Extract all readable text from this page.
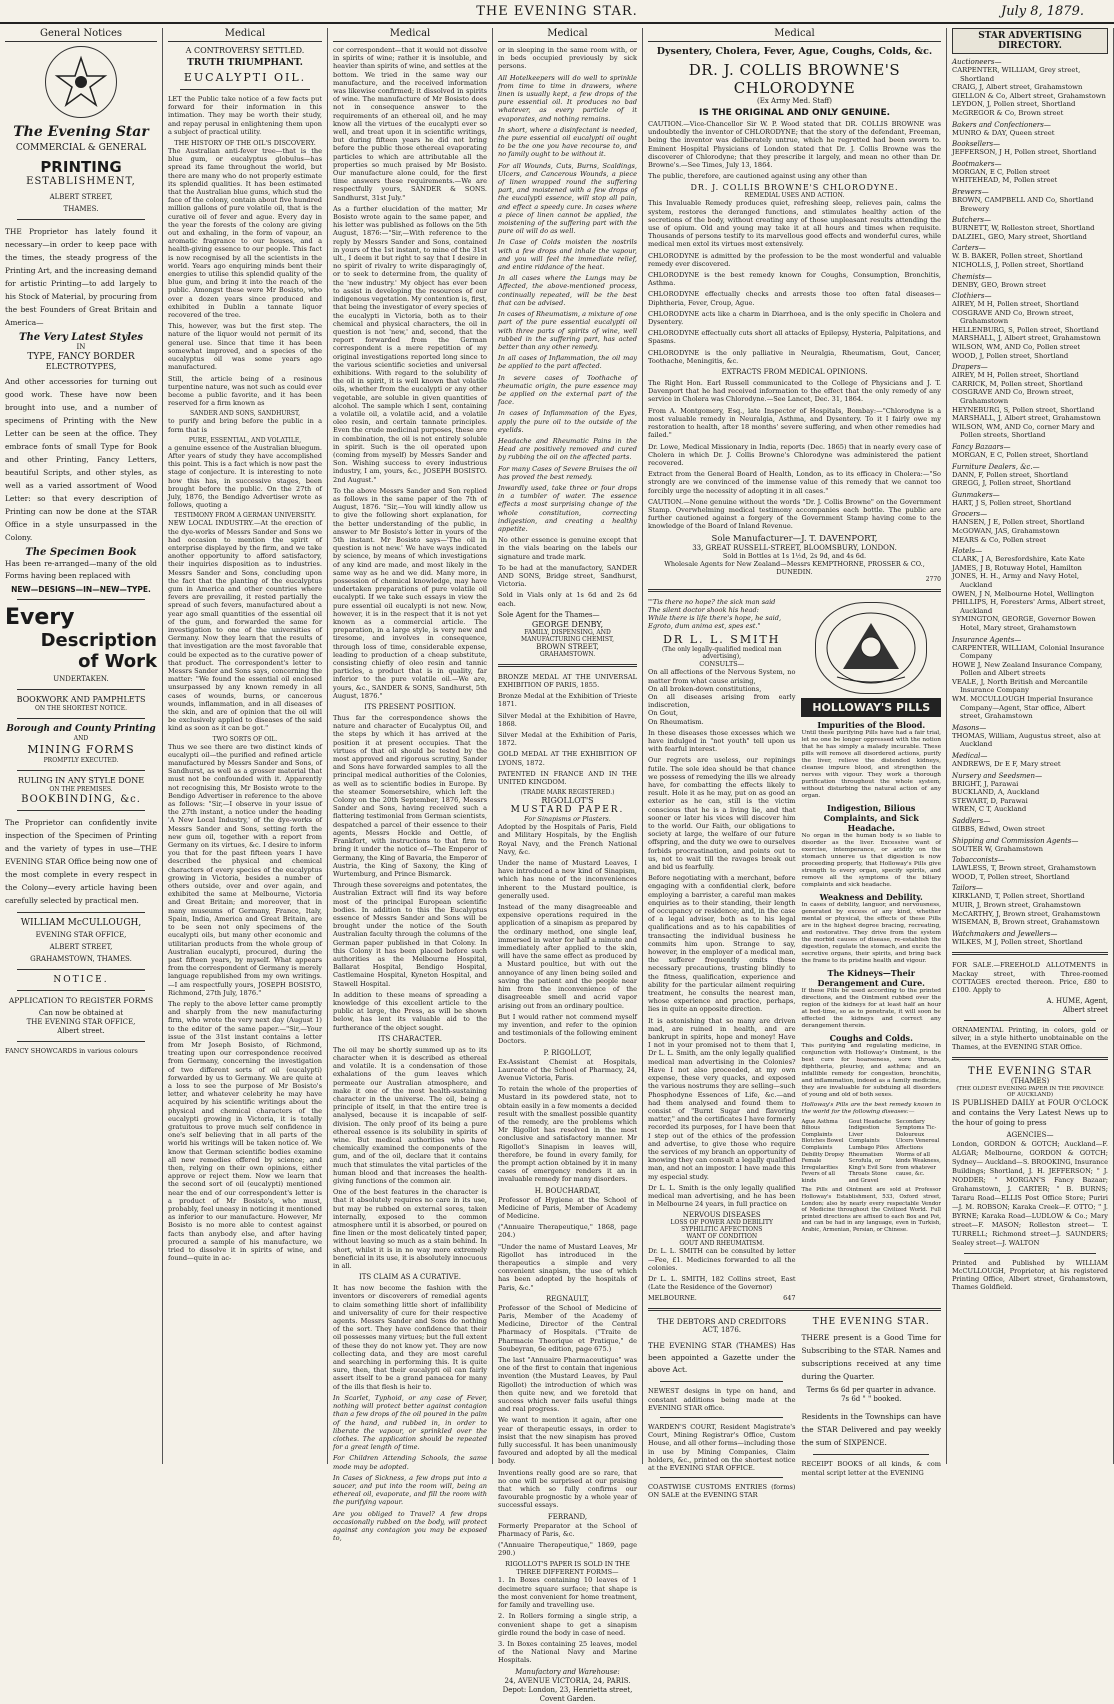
THE EVENING STAR.	July 8, 1879.
General Notices
The Evening Star
COMMERCIAL & GENERAL
PRINTING
ESTABLISHMENT,
ALBERT STREET,
THAMES.

THE Proprietor has lately found it necessary—in order to keep pace with the times, the steady progress of the Printing Art, and the increasing demand for artistic Printing—to add largely to his Stock of Material, by procuring from the best Founders of Great Britain and America—

The Very Latest Styles
IN
TYPE, FANCY BORDER
ELECTROTYPES,

And other accessories for turning out good work. These have now been brought into use, and a number of specimens of Printing with the New Letter can be seen at the office. They embrace fonts of small Type for Book and other Printing, Fancy Letters, beautiful Scripts, and other styles, as well as a varied assortment of Wood Letter: so that every description of Printing can now be done at the STAR Office in a style unsurpassed in the Colony.

The Specimen Book

Has been re-arranged—many of the old Forms having been replaced with

NEW—DESIGNS—IN—NEW—TYPE.
Every
Description
of Work
UNDERTAKEN.
BOOKWORK AND PAMPHLETS
ON THE SHORTEST NOTICE.
Borough and County Printing
AND
MINING FORMS
PROMPTLY EXECUTED.
RULING IN ANY STYLE DONE
ON THE PREMISES.
BOOKBINDING, &c.

The Proprietor can confidently invite inspection of the Specimen of Printing and the variety of types in use—THE EVENING STAR Office being now one of the most complete in every respect in the Colony—every article having been carefully selected by practical men.

WILLIAM McCULLOUGH,
EVENING STAR OFFICE,
ALBERT STREET,
GRAHAMSTOWN, THAMES.
NOTICE.
APPLICATION TO REGISTER FORMS
Can now be obtained at
THE EVENING STAR OFFICE,
Albert street.
FANCY SHOWCARDS in various colours
Medical
A CONTROVERSY SETTLED.
TRUTH TRIUMPHANT.
EUCALYPTI OIL.

LET the Public take notice of a few facts put forward for their information in this intimation. They may be worth their study, and repay perusal in enlightening them upon a subject of practical utility.

THE HISTORY OF THE OIL'S DISCOVERY.

The Australian anti-fever tree—that is the blue gum, or eucalyptus globulus—has spread its fame throughout the world, but there are many who do not properly estimate its splendid qualities. It has been estimated that the Australian blue gums, which stud the face of the colony, contain about five hundred million gallons of pure volatile oil, that is the curative oil of fever and ague. Every day in the year the forests of the colony are giving out and exhaling, in the form of vapour, an aromatic fragrance to our houses, and a health-giving essence to our people. This fact is now recognised by all the scientists in the world. Years ago enquiring minds bent their energies to utilise this splendid quality of the blue gum, and bring it into the reach of the public. Amongst these were Mr Bosisto, who over a dozen years since produced and exhibited in Dublin a tannate liquor recovered of the tree.

This, however, was but the first step. The nature of the liquor would not permit of its general use. Since that time it has been somewhat improved, and a species of the eucalyptus oil was some years ago manufactured.

Still, the article being of a resinous turpentine nature, was not such as could ever become a public favorite, and it has been reserved for a firm known as

SANDER AND SONS, SANDHURST,

to purify and bring before the public in a form that is

PURE, ESSENTIAL, AND VOLATILE,

a genuine essence of the Australian bluegum. After years of study they have accomplished this point. This is a fact which is now past the stage of conjecture. It is interesting to note how this has, in successive stages, been brought before the public. On the 27th of July, 1876, the Bendigo Advertiser wrote as follows, quoting a

TESTIMONY FROM A GERMAN UNIVERSITY.

NEW LOCAL INDUSTRY.—At the erection of the dye-works of Messrs Sander and Sons we had occasion to mention the spirit of enterprise displayed by the firm, and we take another opportunity to afford satisfactory, their inquiries disposition as to industries. Messrs Sander and Sons, concluding upon the fact that the planting of the eucalyptus gum in America and other countries where fevers are prevailing, it rested partially the spread of such fevers, manufactured about a year ago small quantities of the essential oil of the gum, and forwarded the same for investigation to one of the universities of Germany. Now they learn that the results of that investigation are the most favorable that could be expected as to the curative power of that product. The correspondent's letter to Messrs Sander and Sons says, concerning the matter: "We found the essential oil enclosed unsurpassed by any known remedy in all cases of wounds, burns, or cancerous wounds, inflammation, and in all diseases of the skin, and are of opinion that the oil will be exclusively applied to diseases of the said kind as soon as it can be got."

TWO SORTS OF OIL.

Thus we see there are two distinct kinds of eucalypti oil—the purified and refined article manufactured by Messrs Sander and Sons, of Sandhurst, as well as a grosser material that must not be confounded with it. Apparently not recognising this, Mr Bosisto wrote to the Bendigo Advertiser in reference to the above as follows: "Sir,—I observe in your issue of the 27th instant, a notice under the heading 'A New Local Industry,' of the dye-works of Messrs Sander and Sons, setting forth the new gum oil, together with a report from Germany on its virtues, &c. I desire to inform you that for the past fifteen years I have described the physical and chemical characters of every species of the eucalyptus growing in Victoria, besides a number of others outside, over and over again, and exhibited the same at Melbourne, Victoria and Great Britain; and moreover, that in many museums of Germany, France, Italy, Spain, India, America and Great Britain, are to be seen not only specimens of the eucalypti oils, but many other economic and utilitarian products from the whole group of Australian eucalypti, procured, during the past fifteen years, by myself. What appears from the correspondent of Germany is merely language republished from my own writings.—I am respectfully yours, JOSEPH BOSISTO, Richmond, 27th July, 1876."

The reply to the above letter came promptly and sharply from the new manufacturing firm, who wrote the very next day (August 1) to the editor of the same paper.—"Sir,—Your issue of the 31st instant contains a letter from Mr Joseph Bosisto, of Richmond, treating upon our correspondence received from Germany, concerning the investigation of two different sorts of oil (eucalypti) forwarded by us to Germany. We are quite at a loss to see the purpose of Mr Bosisto's letter, and whatever celebrity he may have acquired by his scientific writings about the physical and chemical characters of the eucalypti growing in Victoria, it is totally gratuitous to prove much self confidence in one's self believing that in all parts of the world his writings will be taken notice of. We know that German scientific bodies examine all new remedies offered by science; and then, relying on their own opinions, either approve or reject them. Now we learn that the second sort of oil (eucalypti) mentioned near the end of our correspondent's letter is a product of Mr Bosisto's, who must, probably, feel uneasy in noticing it mentioned as inferior to our manufacture. However, Mr Bosisto is no more able to contest against facts than anybody else, and after having procured a sample of his manufacture, we tried to dissolve it in spirits of wine, and found—quite in ac-

Medical

cor correspondent—that it would not dissolve in spirits of wine; rather it is insoluble, and heavier than spirits of wine, and settles at the bottom. We tried in the same way our manufacture, and the received information was likewise confirmed; it dissolved in spirits of wine. The manufacture of Mr Bosisto does not in consequence answer to the requirements of an ethereal oil, and he may know all the virtues of the eucalypti ever so well, and treat upon it in scientific writings, but during fifteen years he did not bring before the public those ethereal evaporating particles to which are attributable all the properties so much praised by Mr Bosisto. Our manufacture alone could, for the first time answers these requirements.—We are respectfully yours, SANDER & SONS. Sandhurst, 31st July."

As a further elucidation of the matter, Mr Bosisto wrote again to the same paper, and his letter was published as follows on the 5th August, 1876:—"Sir,—With reference to the reply by Messrs Sander and Sons, contained in yours of the 1st instant, to mine of the 31st ult., I deem it but right to say that I desire in no spirit of rivalry to write disparagingly of, or to seek to determine from, the quality of the 'new industry.' My object has ever been to assist in developing the resources of our indigenous vegetation. My contention is, first, that being the investigator of every species of the eucalypti in Victoria, both as to their chemical and physical characters, the oil in question is not 'new,' and, second, that the report forwarded from the German correspondent is a mere repetition of my original investigations reported long since to the various scientific societies and universal exhibitions. With regard to the solubility of the oil in spirit, it is well known that volatile oils, whether from the eucalypti or any other vegetable, are soluble in given quantities of alcohol. The sample which I sent, containing a volatile oil, a volatile acid, and a volatile oleo resin, and certain tannate principles. Even the crude medicinal purposes, these are in combination, the oil is not entirely soluble in spirit. Such is the oil operated upon (coming from myself) by Messrs Sander and Son. Wishing success to every industrious industry, I am, yours, &c., JOSEPH BOSISTO. 2nd August."

To the above Messrs Sander and Son replied as follows in the same paper of the 7th of August, 1876. "Sir,—You will kindly allow us to give the following short explanation, for the better understanding of the public, in answer to Mr Bosisto's letter in yours of the 5th instant. Mr Bosisto says—'The oil in question is not new.' We have ways indicated by science, by means of which investigations of any kind are made, and most likely in the same way as he and we did. Many more, in possession of chemical knowledge, may have undertaken preparations of pure volatile oil eucalypti. If we take such essays in view the pure essential oil eucalypti is not new. Now, however, it is in the respect that it is not yet known as a commercial article. The preparation, in a large style, is very new and tiresome, and involves in consequence, through loss of time, considerable expense, leading to production of a cheap substitute, consisting chiefly of oleo resin and tannic particles, a product that is in quality, far inferior to the pure volatile oil.—We are, yours, &c., SANDER & SONS, Sandhurst, 5th August, 1876."

ITS PRESENT POSITION.

Thus far the correspondence shows the nature and character of Eucalyptus Oil, and the steps by which it has arrived at the position it at present occupies. That the virtues of that oil should be tested by the most approved and rigorous scrutiny, Sander and Sons have forwarded samples to all the principal medical authorities of the Colonies, as well as to scientific bodies in Europe. By the steamer Somersetshire, which left the Colony on the 20th September, 1876, Messrs Sander and Sons, having received such a flattering testimonial from German scientists, despatched a parcel of their essence to their agents, Messrs Hockle and Oettle, of Frankfort, with instructions to that firm to bring it under the notice of—The Emperor of Germany, the King of Bavaria, the Emperor of Austria, the King of Saxony, the King of Wurtemburg, and Prince Bismarck.

Through these sovereigns and potentates, the Australian Extract will find its way before most of the principal European scientific bodies. In addition to this the Eucalyptus essence of Messrs Sander and Sons will be brought under the notice of the South Australian faculty through the columns of the German paper published in that Colony. In this Colony it has been placed before such authorities as the Melbourne Hospital, Ballarat Hospital, Bendigo Hospital, Castlemaine Hospital, Kyneton Hospital, and Stawell Hospital.

In addition to these means of spreading a knowledge of this excellent article to the public at large, the Press, as will be shown below, has lent its valuable aid to the furtherance of the object sought.

ITS CHARACTER.

The oil may be shortly summed up as to its character when it is described as ethereal and volatile. It is a condensation of those exhalations of the gum leaves which permeate our Australian atmosphere, and make it one of the most health-sustaining character in the universe. The oil, being a principle of itself, in that the entire tree is analysed, because it is incapable of self-division. The only proof of its being a pure ethereal essence is its solubility in spirits of wine. But medical authorities who have chemically examined the components of the gum, and of the oil, declare that it contains much that stimulates the vital particles of the human blood and that increases the health-giving functions of the common air.

One of the best features in the character is that it absolutely requires no care in its use, but may be rubbed on external sores, taken internally, exposed to the common atmosphere until it is absorbed, or poured on fine linen or the most delicately tinted paper, without leaving so much as a stain behind. In short, whilst it is in no way more extremely beneficial in its use, it is absolutely innocuous in all.

ITS CLAIM AS A CURATIVE.

It has now become the fashion with the inventors or discoverers of remedial agents to claim something little short of infallibility and universality of cure for their respective agents. Messrs Sander and Sons do nothing of the sort. They have confidence that their oil possesses many virtues; but the full extent of these they do not know yet. They are now collecting data, and they are most careful and searching in performing this. It is quite sure, then, that their eucalypti oil can fairly assert itself to be a grand panacea for many of the ills that flesh is heir to.

In Scarlet, Typhoid, or any case of Fever, nothing will protect better against contagion than a few drops of the oil poured in the palm of the hand, and rubbed in, in order to liberate the vapour, or sprinkled over the clothes. The application should be repeated for a great length of time.

For Children Attending Schools, the same mode may be adopted.

In Cases of Sickness, a few drops put into a saucer, and put into the room will, being an ethereal oil, evaporate, and fill the room with the purifying vapour.

Are you obliged to Travel? A few drops occasionally rubbed on the body, will protect against any contagion you may be exposed to,

Medical

or in sleeping in the same room with, or in beds occupied previously by sick persons.

All Hotelkeepers will do well to sprinkle from time to time in drawers, where linen is usually kept, a few drops of the pure essential oil. It produces no bad whatever, as every particle of it evaporates, and nothing remains.

In short, where a disinfectant is needed, the pure essential oil eucalypti oil ought to be the one you have recourse to, and no family ought to be without it.

For all Wounds, Cuts, Burns, Scaldings, Ulcers, and Cancerous Wounds, a piece of linen wrapped round the suffering part, and moistened with a few drops of the eucalypti essence, will stop all pain, and effect a speedy cure. In cases where a piece of linen cannot be applied, the moistening of the suffering part with the pure oil will do as well.

In Case of Colds moisten the nostrils with a few drops and inhale the vapour, and you will feel the immediate relief, and entire riddance of the heat.

In all cases where the Lungs may be Affected, the above-mentioned process, continually repeated, will be the best that can be advised.

In cases of Rheumatism, a mixture of one part of the pure essential eucalypti oil with three parts of spirits of wine, well rubbed in the suffering part, has acted better than any other remedy.

In all cases of Inflammation, the oil may be applied to the part affected.

In severe cases of Toothache of rheumatic origin, the pure essence may be applied on the external part of the face.

In cases of Inflammation of the Eyes, apply the pure oil to the outside of the eyelids.

Headache and Rheumatic Pains in the Head are positively removed and cured by rubbing the oil on the affected parts.

For many Cases of Severe Bruises the oil has proved the best remedy.

Inwardly used, take three or four drops in a tumbler of water. The essence effects a most surprising change of the whole constitution, correcting indigestion, and creating a healthy appetite.

No other essence is genuine except that in the vials bearing on the labels our signature and trade mark.

To be had at the manufactory, SANDER AND SONS, Bridge street, Sandhurst, Victoria.

Sold in Vials only at 1s 6d and 2s 6d each.

Sole Agent for the Thames—
GEORGE DENBY,
FAMILY, DISPENSING, AND MANUFACTURING CHEMIST,
BROWN STREET,
GRAHAMSTOWN.

BRONZE MEDAL AT THE UNIVERSAL EXHIBITION OF PARIS, 1855.

Bronze Medal at the Exhibition of Trieste 1871.

Silver Medal at the Exhibition of Havre, 1868.

Silver Medal at the Exhibition of Paris, 1872.

GOLD MEDAL AT THE EXHIBITION OF LYONS, 1872.

PATENTED IN FRANCE AND IN THE UNITED KINGDOM.

(TRADE MARK REGISTERED.)
RIGOLLOT'S
MUSTARD PAPER.
For Sinapisms or Plasters.

Adopted by the Hospitals of Paris, Field and Military Hospitals, by the English Royal Navy, and the French National Navy, &c.

Under the name of Mustard Leaves, I have introduced a new kind of Sinapism, which has none of the inconveniences inherent to the Mustard poultice, is generally used.

Instead of the many disagreeable and expensive operations required in the application of a sinapism as prepared by the ordinary method, one single leaf, immersed in water for half a minute and immediately after applied to the skin, will have the same effect as produced by a Mustard poultice, but with out the annoyance of any linen being soiled and saving the patient and the people near him from the inconvenience of the disagreeable smell and acrid vapor arising out from an ordinary poultice.

But I would rather not commend myself my invention, and refer to the opinion and testimonials of the following eminent Doctors.

P. RIGOLLOT,

Ex-Assistant Chemist at Hospitals, Laureate of the School of Pharmacy, 24, Avenue Victoria, Paris.

To retain the whole of the properties of Mustard in its powdered state, not to obtain easily in a few moments a decided result with the smallest possible quantity of the remedy, are the problems which Mr Rigollot has resolved in the most conclusive and satisfactory manner. Mr Rigollot's Sinapism in leaves will, therefore, be found in every family, for the prompt action obtained by it in many cases of emergency renders it an in invaluable remedy for many disorders.

H. BOUCHARDAT,

Professor of Hygiene at the School of Medicine of Paris, Member of Academy of Medicine.

("Annuaire Therapeutique," 1868, page 204.)

"Under the name of Mustard Leaves, Mr Rigollot has introduced in the therapeutics a simple and very convenient sinapism, the use of which has been adopted by the hospitals of Paris, &c."

REGNAULT,

Professor of the School of Medicine of Paris, Member of the Academy of Medicine, Director of the Central Pharmacy of Hospitals. ("Traite de Pharmacie Theorique et Pratique," de Soubeyran, 6e edition, page 675.)

The last "Annuaire Pharmaceutique" was one of the first to contain that ingenious invention (the Mustard Leaves, by Paul Rigollot) the introduction of which was then quite new, and we foretold that success which never fails useful things and real progress.

We want to mention it again, after one year of therapeutic essays, in order to insist that the new sinapism has proved fully successful. It has been unanimously favoured and adopted by all the medical body.

Inventions really good are so rare, that no one will be surprised at our praising that which so fully confirms our favourable prognostic by a whole year of successful essays.

FERRAND,

Formerly Preparator at the School of Pharmacy of Paris, &c.

("Annuaire Therapeutique," 1869, page 290.)

RIGOLLOT'S PAPER IS SOLD IN THE THREE DIFFERENT FORMS—

1. In Boxes containing 10 leaves of 1 decimetre square surface; that shape is the most convenient for home treatment, for family and travelling use.

2. In Rollers forming a single strip, a convenient shape to get a sinapism girdle round the body in case of need.

3. In Boxes containing 25 leaves, model of the National Navy and Marine Hospitals.

Manufactory and Warehouse:
24, AVENUE VICTORIA, 24, PARIS.
Depot: London, 23, Henrietta street, Covent Garden.
Medical
Dysentery, Cholera, Fever, Ague, Coughs, Colds, &c.
DR. J. COLLIS BROWNE'S CHLORODYNE
(Ex Army Med. Staff)
IS THE ORIGINAL AND ONLY GENUINE.

CAUTION.—Vice-Chancellor Sir W. P. Wood stated that DR. COLLIS BROWNE was undoubtedly the inventor of CHLORODYNE; that the story of the defendant, Freeman, being the inventor was deliberately untrue, which he regretted had been sworn to. Eminent Hospital Physicians of London stated that Dr. J. Collis Browne was the discoverer of Chlorodyne; that they prescribe it largely, and mean no other than Dr. Browne's.—See Times, July 13, 1864.

The public, therefore, are cautioned against using any other than

DR. J. COLLIS BROWNE'S CHLORODYNE.
REMEDIAL USES AND ACTION.

This Invaluable Remedy produces quiet, refreshing sleep, relieves pain, calms the system, restores the deranged functions, and stimulates healthy action of the secretions of the body, without creating any of those unpleasant results attending the use of opium. Old and young may take it at all hours and times when requisite. Thousands of persons testify to its marvellous good effects and wonderful cures, while medical men extol its virtues most extensively.

CHLORODYNE is admitted by the profession to be the most wonderful and valuable remedy ever discovered.

CHLORODYNE is the best remedy known for Coughs, Consumption, Bronchitis, Asthma.

CHLORODYNE effectually checks and arrests those too often fatal diseases—Diphtheria, Fever, Croup, Ague.

CHLORODYNE acts like a charm in Diarrhoea, and is the only specific in Cholera and Dysentery.

CHLORODYNE effectually cuts short all attacks of Epilepsy, Hysteria, Palpitations, and Spasms.

CHLORODYNE is the only palliative in Neuralgia, Rheumatism, Gout, Cancer, Toothache, Meningitis, &c.

EXTRACTS FROM MEDICAL OPINIONS.

The Right Hon. Earl Russell communicated to the College of Physicians and J. T. Davenport that he had received information to the effect that the only remedy of any service in Cholera was Chlorodyne.—See Lancet, Dec. 31, 1864.

From A. Montgomery, Esq., late Inspector of Hospitals, Bombay:—"Chlorodyne is a most valuable remedy in Neuralgia, Asthma, and Dysentery. To it I fairly owe my restoration to health, after 18 months' severe suffering, and when other remedies had failed."

Dr. Lowe, Medical Missionary in India, reports (Dec. 1865) that in nearly every case of Cholera in which Dr. J. Collis Browne's Chlorodyne was administered the patient recovered.

Extract from the General Board of Health, London, as to its efficacy in Cholera:—"So strongly are we convinced of the immense value of this remedy that we cannot too forcibly urge the necessity of adopting it in all cases."

CAUTION.—None genuine without the words "Dr. J. Collis Browne" on the Government Stamp. Overwhelming medical testimony accompanies each bottle. The public are further cautioned against a forgery of the Government Stamp having come to the knowledge of the Board of Inland Revenue.

Sole Manufacturer—J. T. DAVENPORT,
33, GREAT RUSSELL-STREET, BLOOMSBURY, LONDON.
Sold in Bottles at 1s 1½d, 2s 9d, and 4s 6d.
Wholesale Agents for New Zealand—Messrs KEMPTHORNE, PROSSER & CO., DUNEDIN.
2770

"'Tis there no hope? the sick man said

The silent doctor shook his head:

While there is life there's hope, he said,

Egroto, dum anima est, spes est."

DR L. L. SMITH
(The only legally-qualified medical man advertising),
CONSULTS—

On all affections of the Nervous System, no matter from what cause arising,

On all broken-down constitutions,

On all diseases arising from early indiscretion,

On Gout,

On Rheumatism.

In these diseases those excesses which we have indulged in "not youth" tell upon us with fearful interest.

Our regrets are useless, our repinings futile. The sole idea should be that chance we possess of remedying the ills we already have, for combatting the effects likely to result. Hole it as he may, put on as good an exterior as he can, still is the victim conscious that he is a living lie, and that sooner or later his vices will discover him to the world. Our Faith, our obligations to society at large, the welfare of our future offspring, and the duty we owe to ourselves forbids procrastination, and points out to us, not to wait till the ravages break out and bid us fearfully.

Before negotiating with a merchant, before engaging with a confidential clerk, before employing a barrister, a careful man makes enquiries as to their standing, their length of occupancy or residence; and, in the case of a legal adviser, both as to his legal qualifications and as to his capabilities of transacting the individual business he commits him upon. Strange to say, however, in the employer of a medical man, the sufferer frequently omits these necessary precautions, trusting blindly to the fitness, qualification, experience and ability for the particular ailment requiring treatment, he consults the nearest man, whose experience and practice, perhaps, lies in quite an opposite direction.

It is astonishing that so many are driven mad, are ruined in health, and are bankrupt in spirits, hope and money! Have I not in your promised not to them that I, Dr L. L. Smith, am the only legally qualified medical man advertising in the Colonies? Have I not also proceeded, at my own expense, these very quacks, and exposed the various nostrums they are selling—such Phosphodyne Essences of Life, &c.—and had them analysed and found them to consist of "Burnt Sugar and flavoring matter," and the certificates I have formerly recorded its purposes, for I have been that I step out of the ethics of the profession and advertise, to give those who require the services of my branch an opportunity of knowing they can consult a legally qualified man, and not an impostor. I have made this my especial study.

Dr L. L. Smith is the only legally qualified medical man advertising, and he has been in Melbourne 24 years, in full practice on

NERVOUS DISEASES
LOSS OF POWER AND DEBILITY
SYPHILITIC AFFECTIONS
WANT OF CONDITION
GOUT AND RHEUMATISM.

Dr. L. L. SMITH can be consulted by letter—Fee, £1. Medicines forwarded to all the colonies.

Dr L. L. SMITH, 182 Collins street, East (Late the Residence of the Governor)

MELBOURNE.	647
HOLLOWAY'S PILLS
Impurities of the Blood.

Until these purifying Pills have had a fair trial, let no one be longer oppressed with the notion that he has simply a malady incurable. These pills will remove all disordered actions, purify the liver, relieve the distended kidneys, cleanse impure blood, and strengthen the nerves with vigour. They work a thorough purification throughout the whole system, without disturbing the natural action of any organ.

Indigestion, Bilious Complaints, and Sick Headache.

No organ in the human body is so liable to disorder as the liver. Excessive want of exercise, intemperance, or acidity on the stomach unnerve us that digestion is now proceeding properly, that Holloway's Pills give strength to every organ, specify spirits, and remove all the symptoms of the biliary complaints and sick headache.

Weakness and Debility.

In cases of debility, languor, and nervousness, generated by excess of any kind, whether mental or physical, the effects of these Pills are in the highest degree bracing, recreating, and restorative. They drive from the system the morbid causes of disease, re-establish the digestion, regulate the stomach, and excite the secretive organs, their spirits, and bring back the frame to its pristine health and vigour.

The Kidneys—Their Derangement and Cure.

If these Pills be used according to the printed directions, and the Ointment rubbed over the region of the kidneys for at least half an hour at bed-time, so as to penetrate, it will soon be effected the kidneys and correct any derangement therein.

Coughs and Colds.

This purifying and regulating medicine, in conjunction with Holloway's Ointment, is the best cure for hoarseness, sore throats, diphtheria, pleurisy, and asthma; and an infallible remedy for congestion, bronchitis, and inflammation, indeed as a family medicine, they are invaluable for subduing all disorders of young and old of both sexes.

Holloway's Pills are the best remedy known in the world for the following diseases:—

Ague Asthma Bilious Complaints Blotches Bowel Complaints Debility Dropsy Female Irregularities Fevers of all kinds
Gout Headache Indigestion Liver Complaints Lumbago Piles Rheumatism Scrofula, or King's Evil Sore Throats Stone and Gravel
Secondary Symptoms Tic-Doloureux Ulcers Venereal Affections Worms of all kinds Weakness, from whatever cause, &c.

The Pills and Ointment are sold at Professor Holloway's Establishment, 533, Oxford street, London; also by nearly every respectable Vendor of Medicine throughout the Civilized World. Full printed directions are affixed to each Box and Pot, and can be had in any language, even in Turkish, Arabic, Armenian, Persian, or Chinese.

THE DEBTORS AND CREDITORS
ACT, 1876.

THE EVENING STAR (THAMES) Has been appointed a Gazette under the above Act.

NEWEST designs in type on hand, and constant additions being made at the EVENING STAR office.

WARDEN'S COURT, Resident Magistrate's Court, Mining Registrar's Office, Custom House, and all other forms—including those in use by Mining Companies, Claim holders, &c., printed on the shortest notice at the EVENING STAR OFFICE.

COASTWISE CUSTOMS ENTRIES (forms) ON SALE at the EVENING STAR

THE EVENING STAR.

THERE present is a Good Time for Subscribing to the STAR. Names and subscriptions received at any time during the Quarter.

Terms 6s 6d per quarter in advance.
7s 6d " " booked.

Residents in the Townships can have the STAR Delivered and pay weekly the sum of SIXPENCE.

RECEIPT BOOKS of all kinds, & com mental script letter at the EVENING

STAR ADVERTISING DIRECTORY.
Auctioneers—
CARPENTER, WILLIAM, Grey street, Shortland
CRAIG, J, Albert street, Grahamstown
GIELLON & Co, Albert street, Grahamstown
LEYDON, J, Pollen street, Shortland
McGREGOR & Co, Brown street
Bakers and Confectioners—
MUNRO & DAY, Queen street
Booksellers—
JEFFERSON, J H, Pollen street, Shortland
Bootmakers—
MORGAN, E C, Pollen street
WHITEHEAD, M, Pollen street
Brewers—
BROWN, CAMPBELL AND Co, Shortland Brewery
Butchers—
BURNETT, W, Rolleston street, Shortland
DALZIEL, GEO, Mary street, Shortland
Carters—
W. B. BAKER, Pollen street, Shortland
NICHOLLS, J, Pollen street, Shortland
Chemists—
DENBY, GEO, Brown street
Clothiers—
AIREY, M H, Pollen street, Shortland
COSGRAVE AND Co, Brown street, Grahamstown
HELLENBURG, S, Pollen street, Shortland
MARSHALL, J, Albert street, Grahamstown
WILSON, WM, AND Co, Pollen street
WOOD, J, Pollen street, Shortland
Drapers—
AIREY, M H, Pollen street, Shortland
CARRICK, M, Pollen street, Shortland
COSGRAVE AND Co, Brown street, Grahamstown
HEYNEBURG, S, Pollen street, Shortland
MARSHALL, J, Albert street, Grahamstown
WILSON, WM, AND Co, corner Mary and Pollen streets, Shortland
Fancy Bazaars—
MORGAN, E C, Pollen street, Shortland
Furniture Dealers, &c.—
DANN, F, Pollen street, Shortland
GREGG, J, Pollen street, Shortland
Gunmakers—
HART, J S, Pollen street, Shortland
Grocers—
HANSEN, J E, Pollen street, Shortland
McGOWAN, JAS, Grahamstown
MEARS & Co, Pollen street
Hotels—
CLARK, J A, Beresfordshire, Kate Kate
JAMES, J B, Rotuway Hotel, Hamilton
JONES, H. H., Army and Navy Hotel, Auckland
OWEN, J N, Melbourne Hotel, Wellington
PHILLIPS, H, Foresters' Arms, Albert street, Auckland
SYMINGTON, GEORGE, Governor Bowen Hotel, Mary street, Grahamstown
Insurance Agents—
CARPENTER, WILLIAM, Colonial Insurance Company
HOWE J, New Zealand Insurance Company, Pollen and Albert streets
VEALE, J, North British and Mercantile Insurance Company
WM. MCCULLOUGH Imperial Insurance Company—Agent, Star office, Albert street, Grahamstown
Masons—
THOMAS, William, Augustus street, also at Auckland
Medical—
ANDREWS, Dr E F, Mary street
Nursery and Seedsmen—
BRIGHT, J, Parawai
BUCKLAND, A, Auckland
STEWART, D, Parawai
WREN, C T, Auckland
Saddlers—
GIBBS, Edwd, Owen street
Shipping and Commission Agents—
SOUTER W, Grahamstown
Tobacconists—
LAWLESS, T, Brown street, Grahamstown
WOOD, T, Pollen street, Shortland
Tailors—
KIRKLAND, T, Pollen street, Shortland
MUIR, J, Brown street, Grahamstown
McCARTHY, J, Brown street, Grahamstown
WISEMAN, B, Brown street, Grahamstown
Watchmakers and Jewellers—
WILKES, M J, Pollen street, Shortland

FOR SALE.—FREEHOLD ALLOTMENTS in Mackay street, with Three-roomed COTTAGES erected thereon. Price, £80 to £100. Apply to

A. HUME, Agent,
Albert street

ORNAMENTAL Printing, in colors, gold or silver, in a style hitherto unobtainable on the Thames, at the EVENING STAR Office.

THE EVENING STAR
(THAMES)
(THE OLDEST EVENING PAPER IN THE PROVINCE OF AUCKLAND)

IS PUBLISHED DAILY at FOUR O'CLOCK and contains the Very Latest News up to the hour of going to press

AGENCIES—

London, GORDON & GOTCH; Auckland—F. ALGAR; Melbourne, GORDON & GOTCH; Sydney— Auckland—S. BROOKING, Insurance Buildings; Shortland, J. H. JEFFERSON; " J. NODDER; " MORGAN'S Fancy Bazaar; Grahamstown, J. CARTER; " B. BURNS; Tararu Road—ELLIS Post Office Store; Puriri—J. M. ROBSON; Karaka Creek—F. OTTO; " J. BYRNE; Karaka Road—LUDLOW & Co.; Mary street—F. MASON; Rolleston street— T. TURRELL; Richmond street—J. SAUNDERS; Sealey street—J. WALTON

Printed and Published by WILLIAM McCULLOUGH, Proprietor, at his registered Printing Office, Albert street, Grahamstown, Thames Goldfield.
